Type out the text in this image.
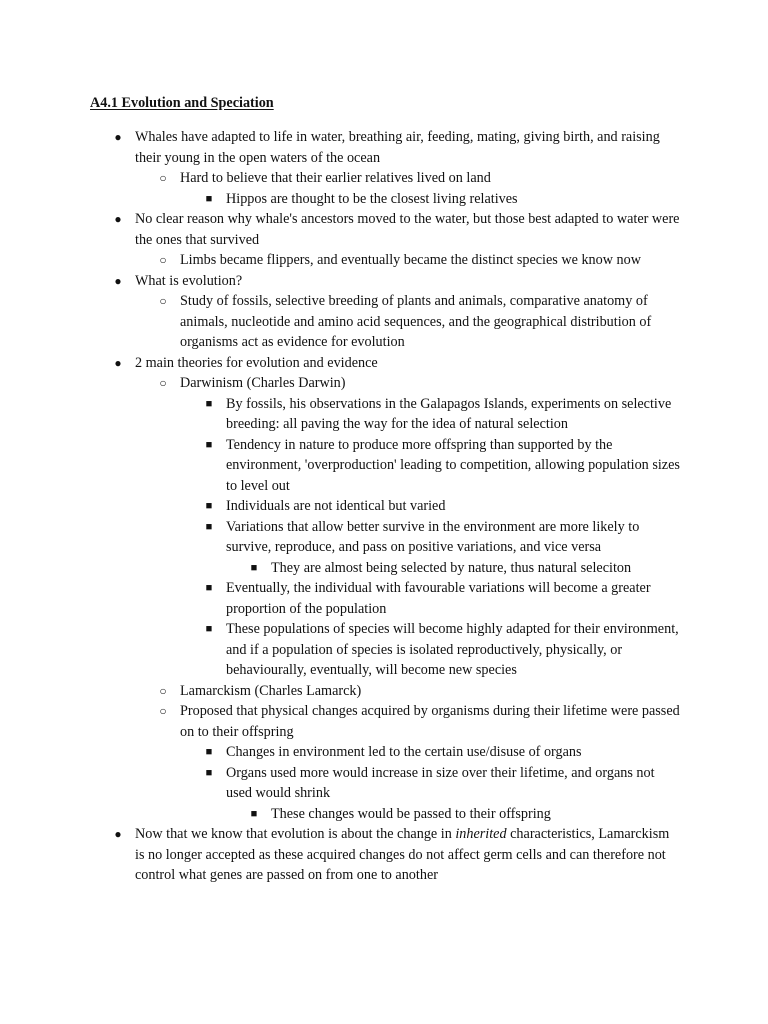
A4.1 Evolution and Speciation
● Whales have adapted to life in water, breathing air, feeding, mating, giving birth, and raising their young in the open waters of the ocean
○ Hard to believe that their earlier relatives lived on land
■ Hippos are thought to be the closest living relatives
● No clear reason why whale's ancestors moved to the water, but those best adapted to water were the ones that survived
○ Limbs became flippers, and eventually became the distinct species we know now
● What is evolution?
○ Study of fossils, selective breeding of plants and animals, comparative anatomy of animals, nucleotide and amino acid sequences, and the geographical distribution of organisms act as evidence for evolution
● 2 main theories for evolution and evidence
○ Darwinism (Charles Darwin)
■ By fossils, his observations in the Galapagos Islands, experiments on selective breeding: all paving the way for the idea of natural selection
■ Tendency in nature to produce more offspring than supported by the environment, 'overproduction' leading to competition, allowing population sizes to level out
■ Individuals are not identical but varied
■ Variations that allow better survive in the environment are more likely to survive, reproduce, and pass on positive variations, and vice versa
■ They are almost being selected by nature, thus natural seleciton
■ Eventually, the individual with favourable variations will become a greater proportion of the population
■ These populations of species will become highly adapted for their environment, and if a population of species is isolated reproductively, physically, or behaviourally, eventually, will become new species
○ Lamarckism (Charles Lamarck)
○ Proposed that physical changes acquired by organisms during their lifetime were passed on to their offspring
■ Changes in environment led to the certain use/disuse of organs
■ Organs used more would increase in size over their lifetime, and organs not used would shrink
■ These changes would be passed to their offspring
● Now that we know that evolution is about the change in inherited characteristics, Lamarckism is no longer accepted as these acquired changes do not affect germ cells and can therefore not control what genes are passed on from one to another
